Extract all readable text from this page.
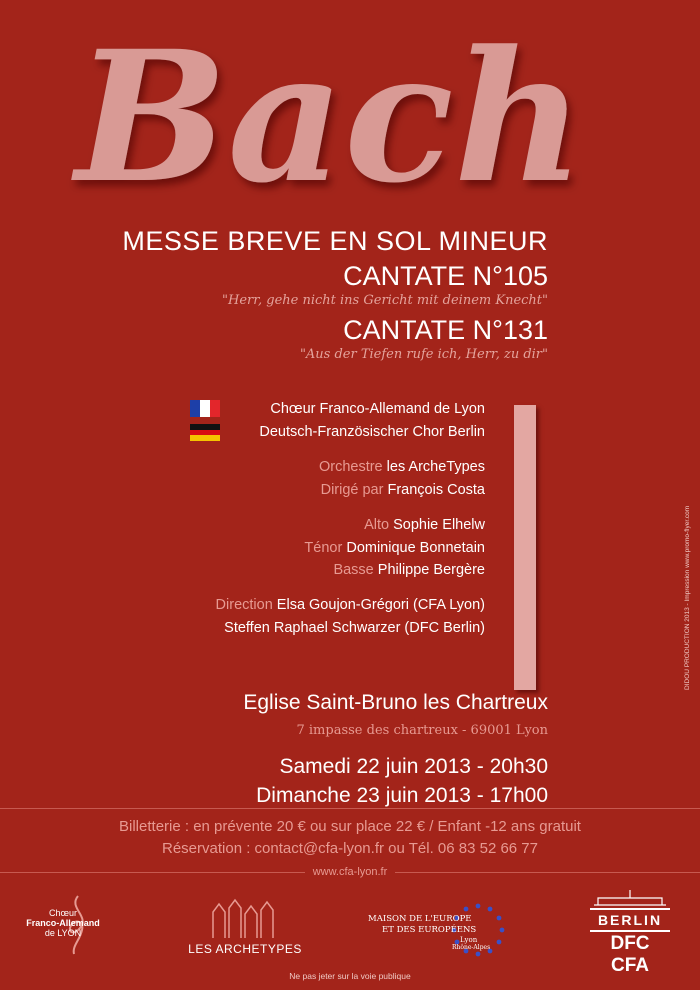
Bach
MESSE BREVE EN SOL MINEUR
CANTATE N°105
"Herr, gehe nicht ins Gericht mit deinem Knecht"
CANTATE N°131
"Aus der Tiefen rufe ich, Herr, zu dir"
Chœur Franco-Allemand de Lyon
Deutsch-Französischer Chor Berlin
Orchestre les ArcheTypes
Dirigé par François Costa
Alto Sophie Elhelw
Ténor Dominique Bonnetain
Basse Philippe Bergère
Direction Elsa Goujon-Grégori (CFA Lyon)
Steffen Raphael Schwarzer (DFC Berlin)
Eglise Saint-Bruno les Chartreux
7 impasse des chartreux - 69001 Lyon
Samedi 22 juin 2013 - 20h30
Dimanche 23 juin 2013 - 17h00
Billetterie : en prévente 20 € ou sur place 22 € / Enfant -12 ans gratuit
Réservation : contact@cfa-lyon.fr ou Tél. 06 83 52 66 77
www.cfa-lyon.fr
Chœur
Franco-Allemand
de LYON
LES ARCHETYPES
MAISON DE L'EUROPE
ET DES EUROPÉENS
Lyon
Rhône-Alpes
BERLIN
DFC CFA
Ne pas jeter sur la voie publique
DIDOU PRODUCTION 2013 - Impression www.promo-flyer.com
